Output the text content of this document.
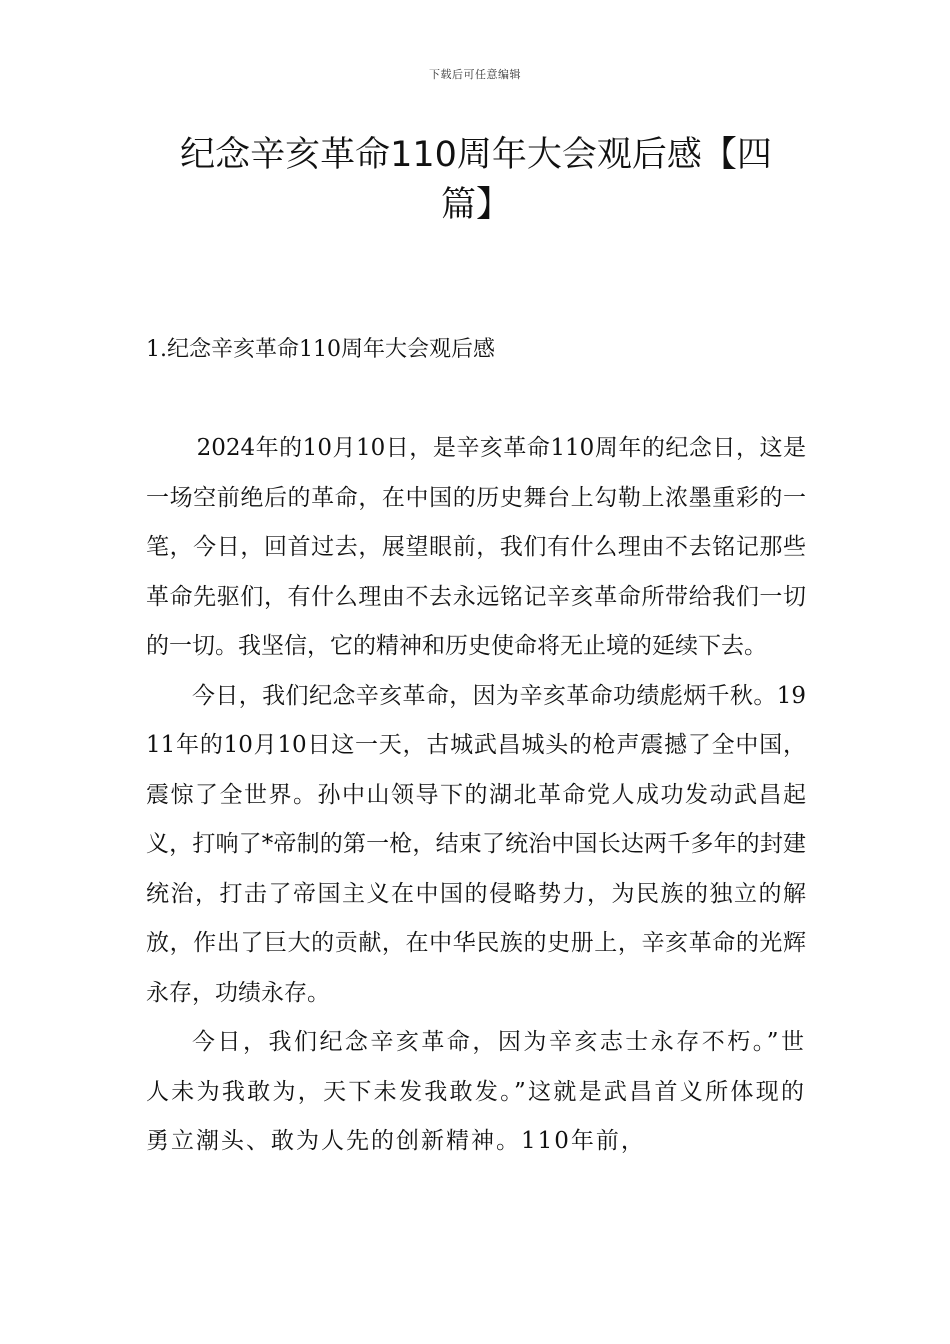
下载后可任意编辑
纪念辛亥革命110周年大会观后感【四篇】
1.纪念辛亥革命110周年大会观后感

2024年的10月10日，是辛亥革命110周年的纪念日，这是一场空前绝后的革命，在中国的历史舞台上勾勒上浓墨重彩的一笔，今日，回首过去，展望眼前，我们有什么理由不去铭记那些革命先驱们，有什么理由不去永远铭记辛亥革命所带给我们一切的一切。我坚信，它的精神和历史使命将无止境的延续下去。

今日，我们纪念辛亥革命，因为辛亥革命功绩彪炳千秋。1911年的10月10日这一天，古城武昌城头的枪声震撼了全中国，震惊了全世界。孙中山领导下的湖北革命党人成功发动武昌起义，打响了*帝制的第一枪，结束了统治中国长达两千多年的封建统治，打击了帝国主义在中国的侵略势力，为民族的独立的解放，作出了巨大的贡献，在中华民族的史册上，辛亥革命的光辉永存，功绩永存。

今日，我们纪念辛亥革命，因为辛亥志士永存不朽。”世人未为我敢为，天下未发我敢发。”这就是武昌首义所体现的勇立潮头、敢为人先的创新精神。110年前，
